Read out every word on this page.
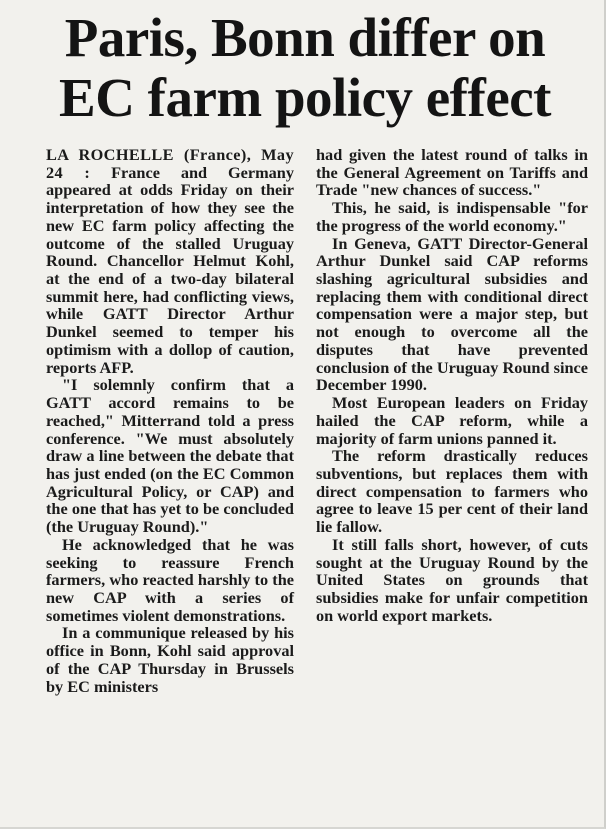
Paris, Bonn differ on
EC farm policy effect

LA ROCHELLE (France), May 24 : France and Germany appeared at odds Friday on their interpretation of how they see the new EC farm policy affecting the outcome of the stalled Uruguay Round. Chancellor Helmut Kohl, at the end of a two-day bilateral summit here, had conflicting views, while GATT Director Arthur Dunkel seemed to temper his optimism with a dollop of caution, reports AFP.

"I solemnly confirm that a GATT accord remains to be reached," Mitterrand told a press conference. "We must absolutely draw a line between the debate that has just ended (on the EC Common Agricultural Policy, or CAP) and the one that has yet to be concluded (the Uruguay Round)."

He acknowledged that he was seeking to reassure French farmers, who reacted harshly to the new CAP with a series of sometimes violent demonstrations.

In a communique released by his office in Bonn, Kohl said approval of the CAP Thursday in Brussels by EC ministers

had given the latest round of talks in the General Agreement on Tariffs and Trade "new chances of success."

This, he said, is indispensable "for the progress of the world economy."

In Geneva, GATT Director-General Arthur Dunkel said CAP reforms slashing agricultural subsidies and replacing them with conditional direct compensation were a major step, but not enough to overcome all the disputes that have prevented conclusion of the Uruguay Round since December 1990.

Most European leaders on Friday hailed the CAP reform, while a majority of farm unions panned it.

The reform drastically reduces subventions, but replaces them with direct compensation to farmers who agree to leave 15 per cent of their land lie fallow.

It still falls short, however, of cuts sought at the Uruguay Round by the United States on grounds that subsidies make for unfair competition on world export markets.
